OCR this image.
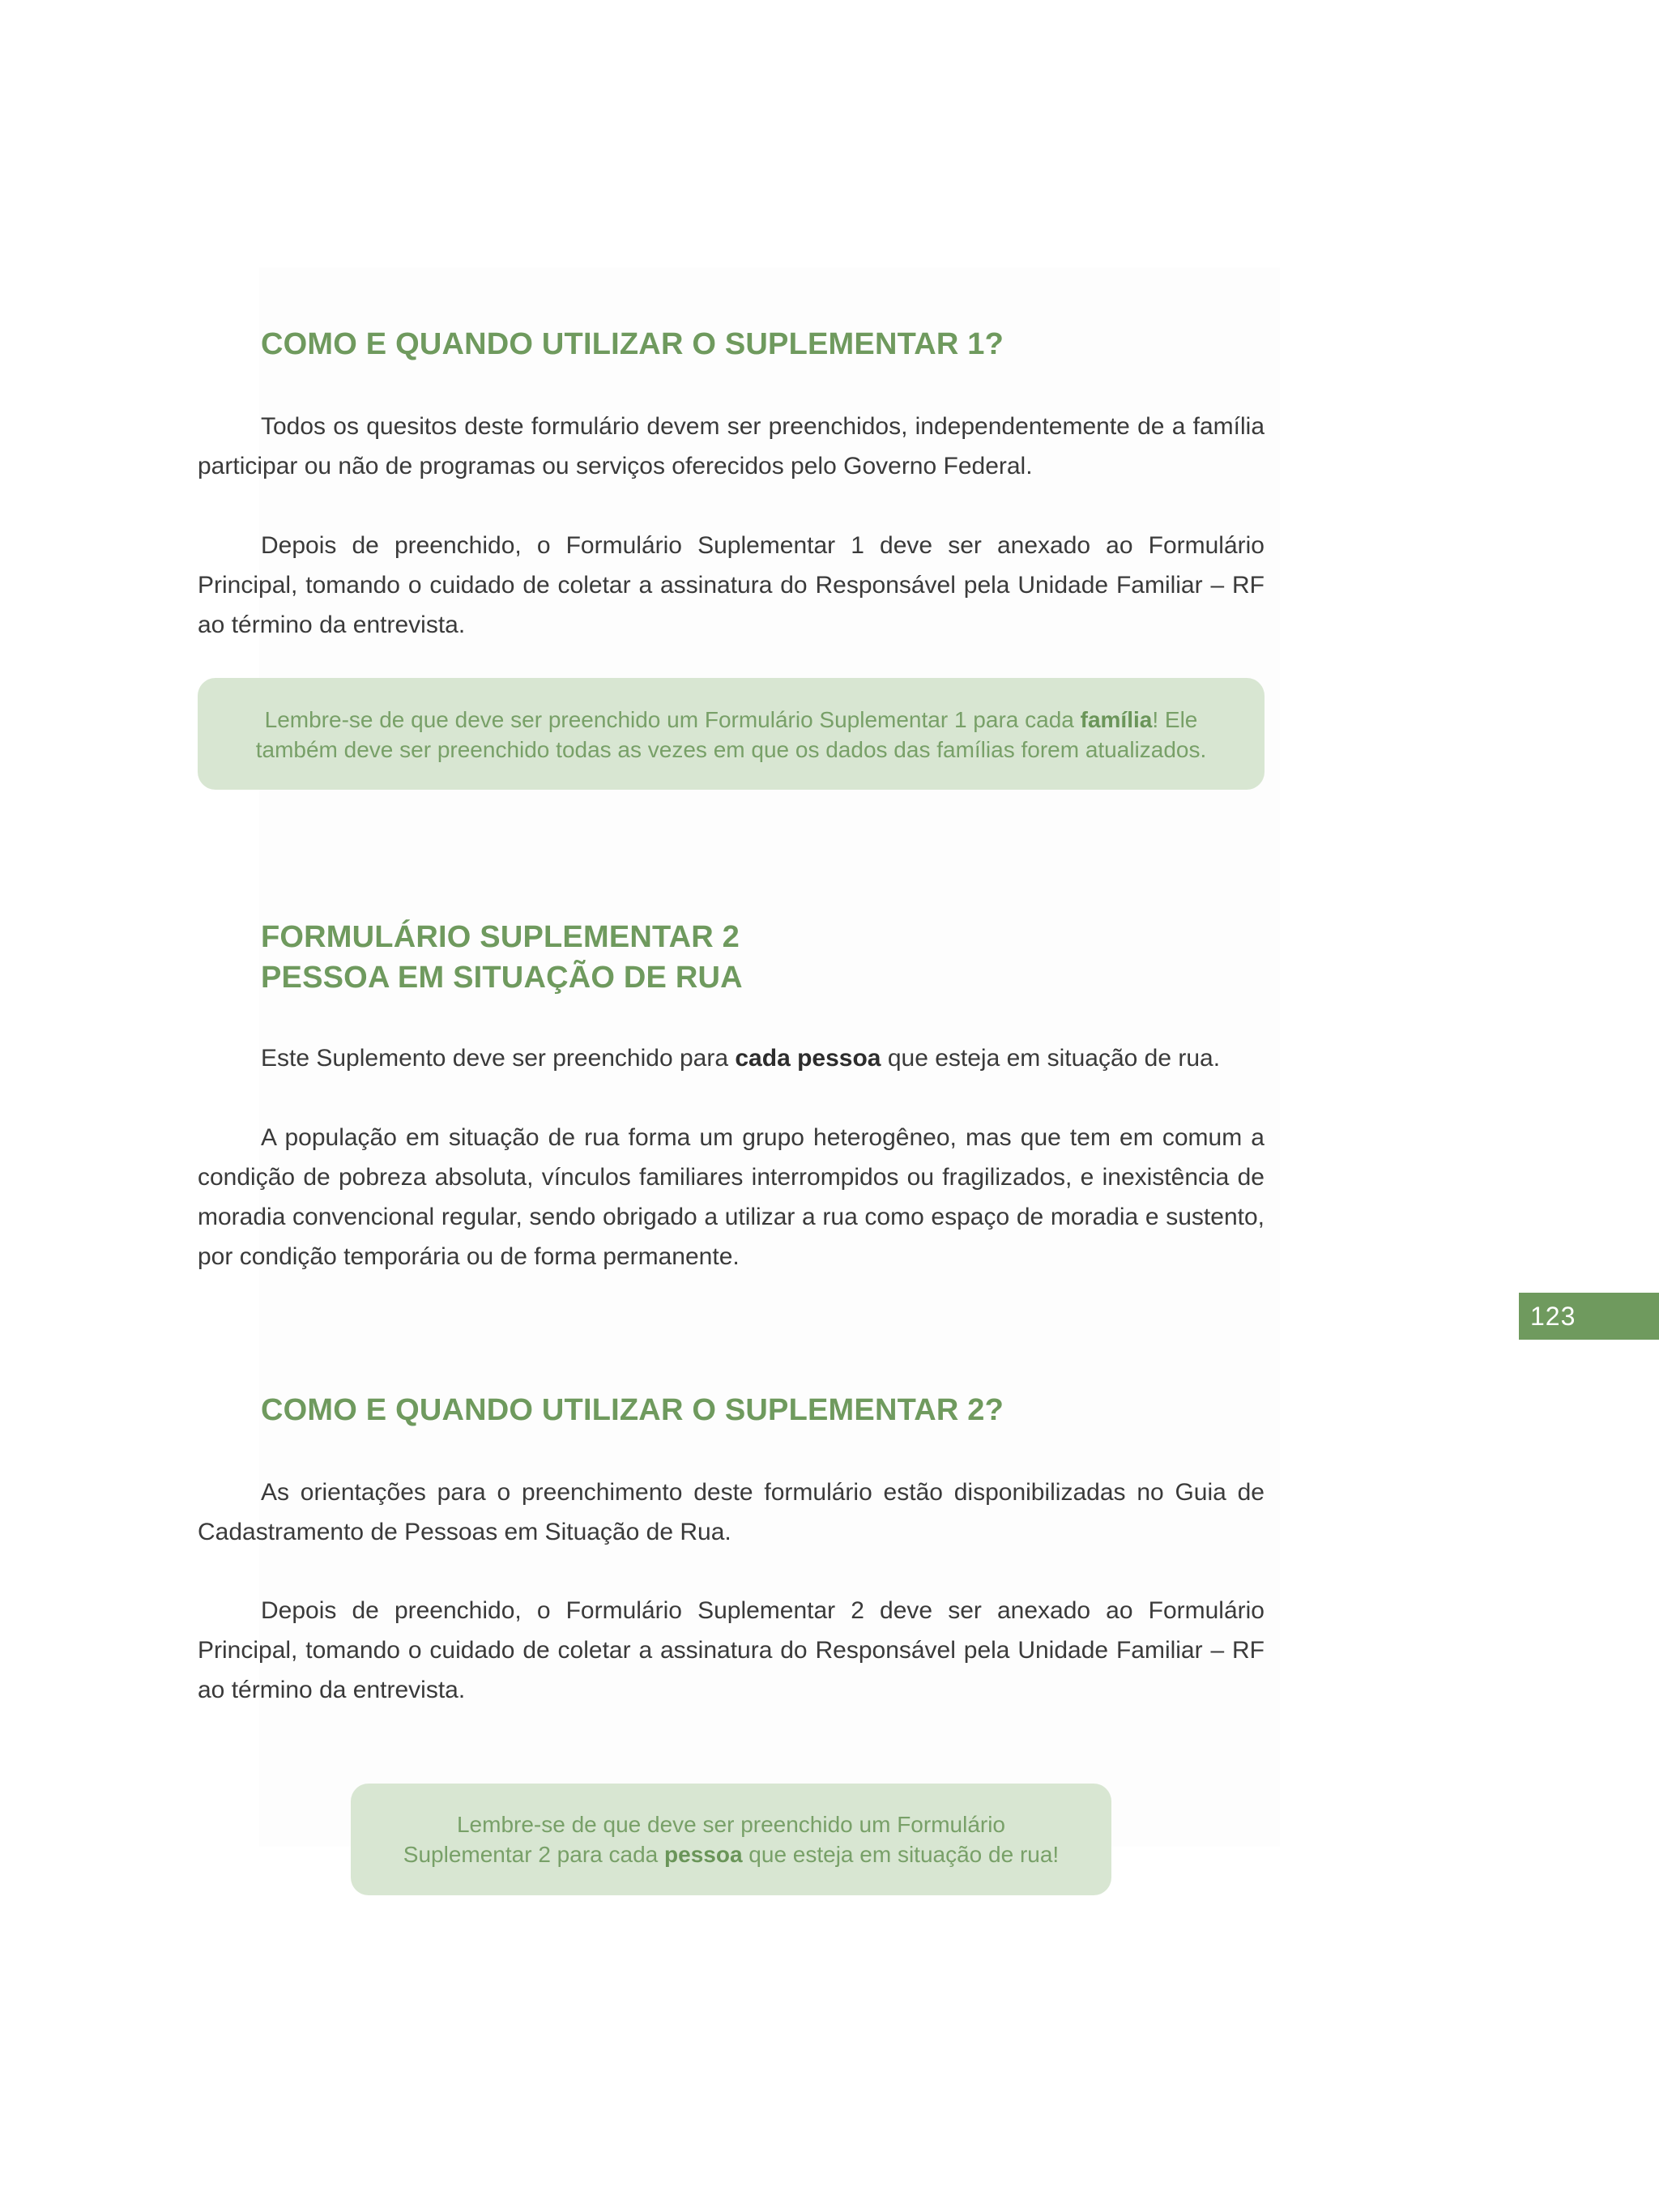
COMO E QUANDO UTILIZAR O SUPLEMENTAR 1?

Todos os quesitos deste formulário devem ser preenchidos, independentemente de a família participar ou não de programas ou serviços oferecidos pelo Governo Federal.

Depois de preenchido, o Formulário Suplementar 1 deve ser anexado ao Formulário Principal, tomando o cuidado de coletar a assinatura do Responsável pela Unidade Familiar – RF ao término da entrevista.

Lembre-se de que deve ser preenchido um Formulário Suplementar 1 para cada família! Ele também deve ser preenchido todas as vezes em que os dados das famílias forem atualizados.
FORMULÁRIO SUPLEMENTAR 2
PESSOA EM SITUAÇÃO DE RUA

Este Suplemento deve ser preenchido para cada pessoa que esteja em situação de rua.

A população em situação de rua forma um grupo heterogêneo, mas que tem em comum a condição de pobreza absoluta, vínculos familiares interrompidos ou fragilizados, e inexistência de moradia convencional regular, sendo obrigado a utilizar a rua como espaço de moradia e sustento, por condição temporária ou de forma permanente.

COMO E QUANDO UTILIZAR O SUPLEMENTAR 2?

As orientações para o preenchimento deste formulário estão disponibilizadas no Guia de Cadastramento de Pessoas em Situação de Rua.

Depois de preenchido, o Formulário Suplementar 2 deve ser anexado ao Formulário Principal, tomando o cuidado de coletar a assinatura do Responsável pela Unidade Familiar – RF ao término da entrevista.

Lembre-se de que deve ser preenchido um Formulário Suplementar 2 para cada pessoa que esteja em situação de rua!
123
